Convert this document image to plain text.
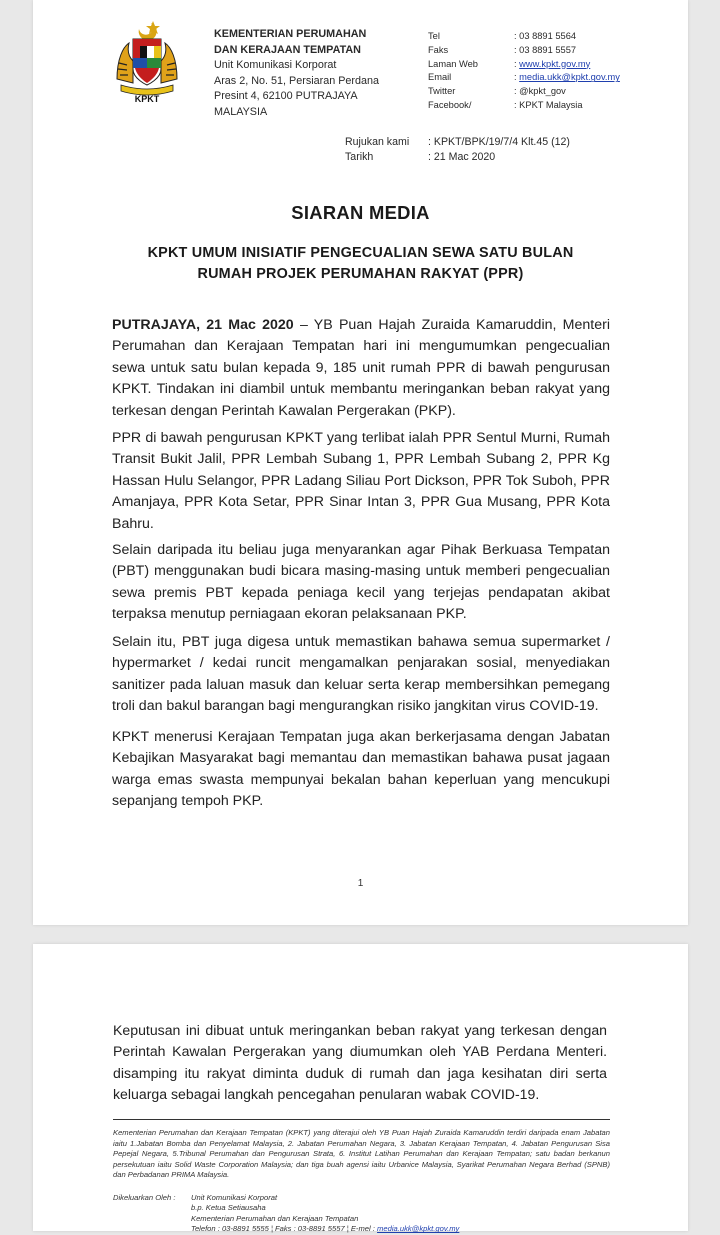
KPKT
KEMENTERIAN PERUMAHAN
DAN KERAJAAN TEMPATAN
Unit Komunikasi Korporat
Aras 2, No. 51, Persiaran Perdana
Presint 4, 62100 PUTRAJAYA
MALAYSIA
Tel	: 03 8891 5564
Faks	: 03 8891 5557
Laman Web	: www.kpkt.gov.my
Email	: media.ukk@kpkt.gov.my
Twitter	: @kpkt_gov
Facebook/	: KPKT Malaysia
Rujukan kami	: KPKT/BPK/19/7/4 Klt.45 (12)
Tarikh	: 21 Mac 2020
SIARAN MEDIA
KPKT UMUM INISIATIF PENGECUALIAN SEWA SATU BULAN
RUMAH PROJEK PERUMAHAN RAKYAT (PPR)
PUTRAJAYA, 21 Mac 2020 – YB Puan Hajah Zuraida Kamaruddin, Menteri Perumahan dan Kerajaan Tempatan hari ini mengumumkan pengecualian sewa untuk satu bulan kepada 9, 185 unit rumah PPR di bawah pengurusan KPKT. Tindakan ini diambil untuk membantu meringankan beban rakyat yang terkesan dengan Perintah Kawalan Pergerakan (PKP).
PPR di bawah pengurusan KPKT yang terlibat ialah PPR Sentul Murni, Rumah Transit Bukit Jalil, PPR Lembah Subang 1, PPR Lembah Subang 2, PPR Kg Hassan Hulu Selangor, PPR Ladang Siliau Port Dickson, PPR Tok Suboh, PPR Amanjaya, PPR Kota Setar, PPR Sinar Intan 3, PPR Gua Musang, PPR Kota Bahru.
Selain daripada itu beliau juga menyarankan agar Pihak Berkuasa Tempatan (PBT) menggunakan budi bicara masing-masing untuk memberi pengecualian sewa premis PBT kepada peniaga kecil yang terjejas pendapatan akibat terpaksa menutup perniagaan ekoran pelaksanaan PKP.
Selain itu, PBT juga digesa untuk memastikan bahawa semua supermarket / hypermarket / kedai runcit mengamalkan penjarakan sosial, menyediakan sanitizer pada laluan masuk dan keluar serta kerap membersihkan pemegang troli dan bakul barangan bagi mengurangkan risiko jangkitan virus COVID-19.
KPKT menerusi Kerajaan Tempatan juga akan berkerjasama dengan Jabatan Kebajikan Masyarakat bagi memantau dan memastikan bahawa pusat jagaan warga emas swasta mempunyai bekalan bahan keperluan yang mencukupi sepanjang tempoh PKP.
1
Keputusan ini dibuat untuk meringankan beban rakyat yang terkesan dengan Perintah Kawalan Pergerakan yang diumumkan oleh YAB Perdana Menteri. disamping itu rakyat diminta duduk di rumah dan jaga kesihatan diri serta keluarga sebagai langkah pencegahan penularan wabak COVID-19.
Kementerian Perumahan dan Kerajaan Tempatan (KPKT) yang diterajui oleh YB Puan Hajah Zuraida Kamaruddin terdiri daripada enam Jabatan iaitu 1.Jabatan Bomba dan Penyelamat Malaysia, 2. Jabatan Perumahan Negara, 3. Jabatan Kerajaan Tempatan, 4. Jabatan Pengurusan Sisa Pepejal Negara, 5.Tribunal Perumahan dan Pengurusan Strata, 6. Institut Latihan Perumahan dan Kerajaan Tempatan; satu badan berkanun persekutuan iaitu Solid Waste Corporation Malaysia; dan tiga buah agensi iaitu Urbanice Malaysia, Syarikat Perumahan Negara Berhad (SPNB) dan Perbadanan PRIMA Malaysia.
Dikeluarkan Oleh :	Unit Komunikasi Korporat
b.p. Ketua Setiausaha
Kementerian Perumahan dan Kerajaan Tempatan
Telefon : 03-8891 5555 ¦ Faks : 03-8891 5557 ¦ E-mel : media.ukk@kpkt.gov.my
